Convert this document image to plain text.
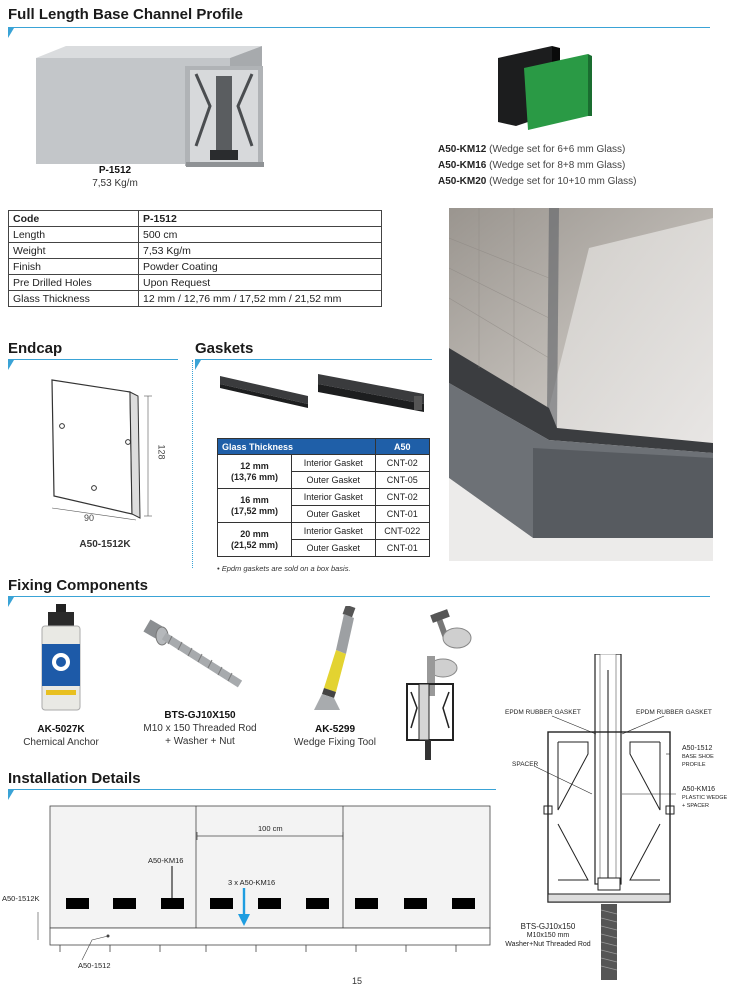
Full Length Base Channel Profile
P-1512
7,53 Kg/m
A50-KM12 (Wedge set for 6+6 mm Glass)
A50-KM16 (Wedge set for 8+8 mm Glass)
A50-KM20 (Wedge set for 10+10 mm Glass)
Code	P-1512
Length	500 cm
Weight	7,53 Kg/m
Finish	Powder Coating
Pre Drilled Holes	Upon Request
Glass Thickness	12 mm / 12,76 mm / 17,52 mm / 21,52 mm
Endcap
128
90
A50-1512K
Gaskets
Glass Thickness		A50

12 mm
(13,76 mm)	Interior Gasket	CNT-02
	Outer Gasket	CNT-05

16 mm
(17,52 mm)	Interior Gasket	CNT-02
	Outer Gasket	CNT-01

20 mm
(21,52 mm)	Interior Gasket	CNT-022
	Outer Gasket	CNT-01
• Epdm gaskets are sold on a box basis.
Fixing Components
AK-5027K
Chemical Anchor
BTS-GJ10X150
M10 x 150 Threaded Rod
+ Washer + Nut
AK-5299
Wedge Fixing Tool
EPDM RUBBER GASKET	EPDM RUBBER GASKET
A50-1512
BASE SHOE
PROFILE
SPACER
A50-KM16
PLASTIC WEDGE
+ SPACER
BTS-GJ10x150
M10x150 mm
Washer+Nut Threaded Rod
Installation Details
A50-1512K
A50-KM16
100 cm
3 x A50-KM16
A50-1512
15
